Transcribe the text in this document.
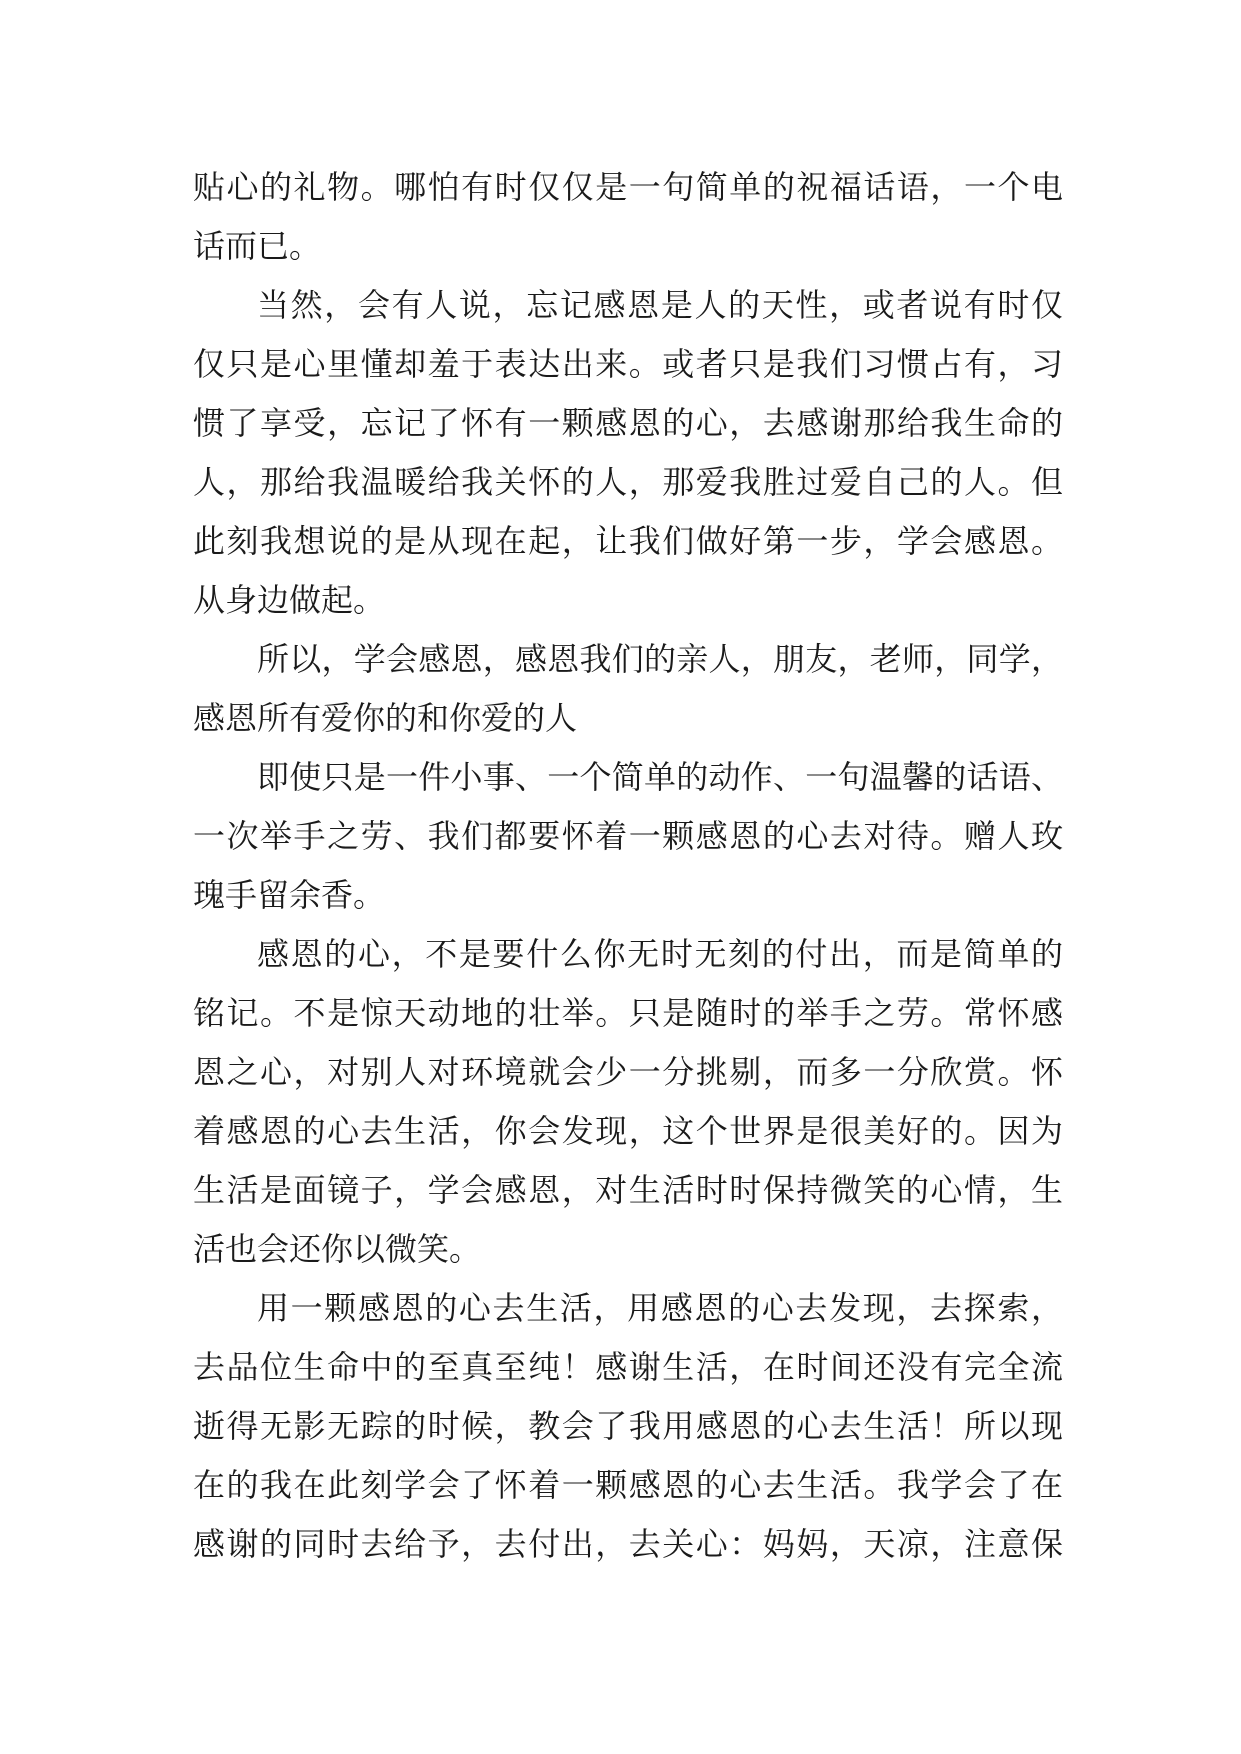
贴心的礼物。哪怕有时仅仅是一句简单的祝福话语，一个电
话而已。
当然，会有人说，忘记感恩是人的天性，或者说有时仅
仅只是心里懂却羞于表达出来。或者只是我们习惯占有，习
惯了享受，忘记了怀有一颗感恩的心，去感谢那给我生命的
人，那给我温暖给我关怀的人，那爱我胜过爱自己的人。但
此刻我想说的是从现在起，让我们做好第一步，学会感恩。
从身边做起。
所以，学会感恩，感恩我们的亲人，朋友，老师，同学，
感恩所有爱你的和你爱的人
即使只是一件小事、一个简单的动作、一句温馨的话语、
一次举手之劳、我们都要怀着一颗感恩的心去对待。赠人玫
瑰手留余香。
感恩的心，不是要什么你无时无刻的付出，而是简单的
铭记。不是惊天动地的壮举。只是随时的举手之劳。常怀感
恩之心，对别人对环境就会少一分挑剔，而多一分欣赏。怀
着感恩的心去生活，你会发现，这个世界是很美好的。因为
生活是面镜子，学会感恩，对生活时时保持微笑的心情，生
活也会还你以微笑。
用一颗感恩的心去生活，用感恩的心去发现，去探索，
去品位生命中的至真至纯！感谢生活，在时间还没有完全流
逝得无影无踪的时候，教会了我用感恩的心去生活！所以现
在的我在此刻学会了怀着一颗感恩的心去生活。我学会了在
感谢的同时去给予，去付出，去关心：妈妈，天凉，注意保
